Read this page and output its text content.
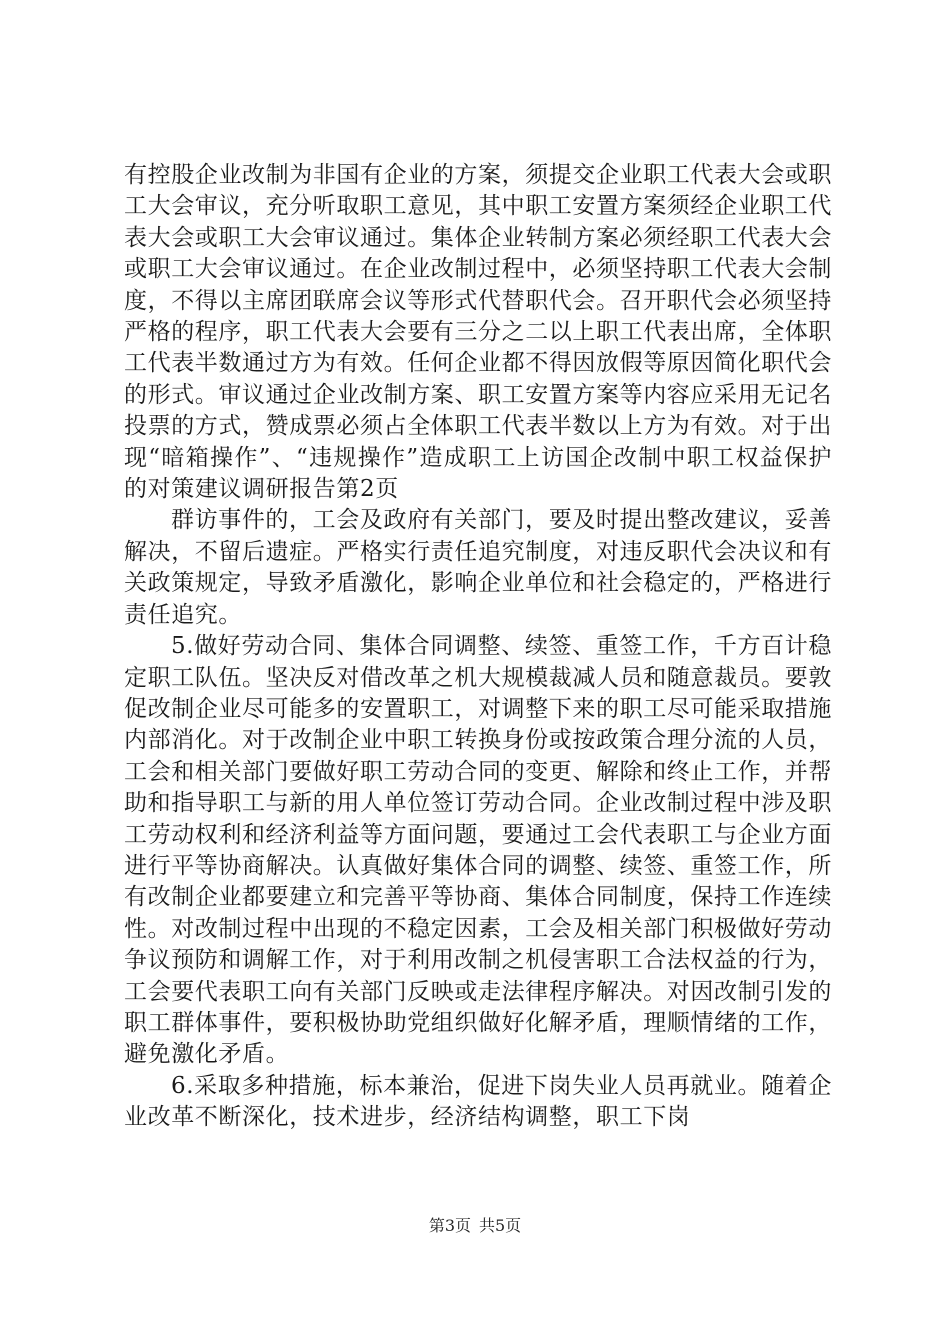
有控股企业改制为非国有企业的方案，须提交企业职工代表大会或职工大会审议，充分听取职工意见，其中职工安置方案须经企业职工代表大会或职工大会审议通过。集体企业转制方案必须经职工代表大会或职工大会审议通过。在企业改制过程中，必须坚持职工代表大会制度，不得以主席团联席会议等形式代替职代会。召开职代会必须坚持严格的程序，职工代表大会要有三分之二以上职工代表出席，全体职工代表半数通过方为有效。任何企业都不得因放假等原因简化职代会的形式。审议通过企业改制方案、职工安置方案等内容应采用无记名投票的方式，赞成票必须占全体职工代表半数以上方为有效。对于出现“暗箱操作”、“违规操作”造成职工上访国企改制中职工权益保护的对策建议调研报告第2页

群访事件的，工会及政府有关部门，要及时提出整改建议，妥善解决，不留后遗症。严格实行责任追究制度，对违反职代会决议和有关政策规定，导致矛盾激化，影响企业单位和社会稳定的，严格进行责任追究。

5.做好劳动合同、集体合同调整、续签、重签工作，千方百计稳定职工队伍。坚决反对借改革之机大规模裁减人员和随意裁员。要敦促改制企业尽可能多的安置职工，对调整下来的职工尽可能采取措施内部消化。对于改制企业中职工转换身份或按政策合理分流的人员，工会和相关部门要做好职工劳动合同的变更、解除和终止工作，并帮助和指导职工与新的用人单位签订劳动合同。企业改制过程中涉及职工劳动权利和经济利益等方面问题，要通过工会代表职工与企业方面进行平等协商解决。认真做好集体合同的调整、续签、重签工作，所有改制企业都要建立和完善平等协商、集体合同制度，保持工作连续性。对改制过程中出现的不稳定因素，工会及相关部门积极做好劳动争议预防和调解工作，对于利用改制之机侵害职工合法权益的行为，工会要代表职工向有关部门反映或走法律程序解决。对因改制引发的职工群体事件，要积极协助党组织做好化解矛盾，理顺情绪的工作，避免激化矛盾。

6.采取多种措施，标本兼治，促进下岗失业人员再就业。随着企业改革不断深化，技术进步，经济结构调整，职工下岗

第3页 共5页
